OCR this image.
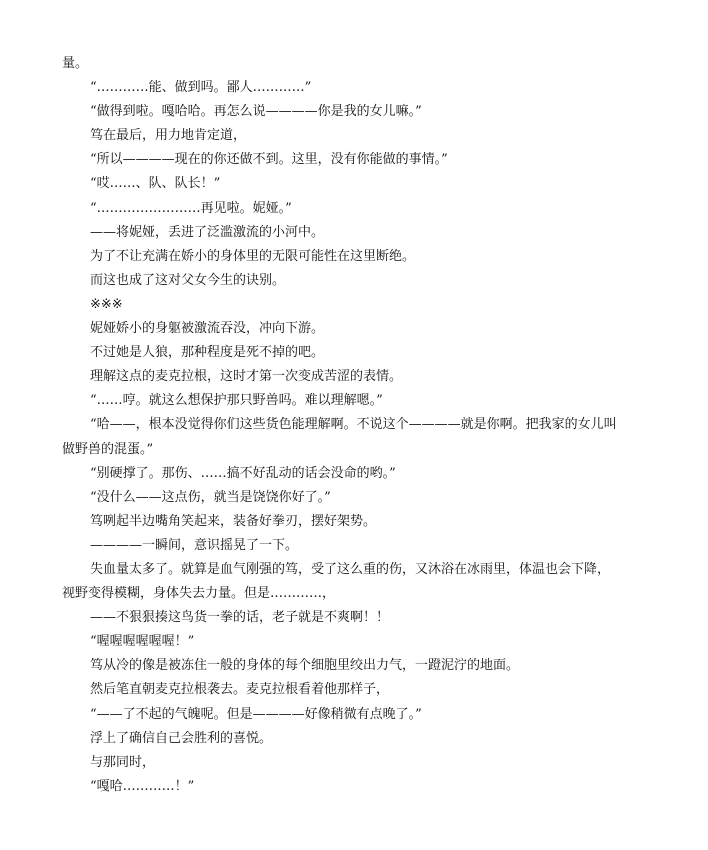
量。

“…………能、做到吗。鄙人…………”

“做得到啦。嘎哈哈。再怎么说————你是我的女儿嘛。”

笃在最后，用力地肯定道，

“所以————现在的你还做不到。这里，没有你能做的事情。”

“哎……、队、队长！”

“……………………再见啦。妮娅。”

——将妮娅，丢进了泛滥激流的小河中。

为了不让充满在娇小的身体里的无限可能性在这里断绝。

而这也成了这对父女今生的诀别。

※※※

妮娅娇小的身躯被激流吞没，冲向下游。

不过她是人狼，那种程度是死不掉的吧。

理解这点的麦克拉根，这时才第一次变成苦涩的表情。

“……哼。就这么想保护那只野兽吗。难以理解嗯。”

“哈——，根本没觉得你们这些货色能理解啊。不说这个————就是你啊。把我家的女儿叫做野兽的混蛋。”

“别硬撑了。那伤、……搞不好乱动的话会没命的哟。”

“没什么——这点伤，就当是饶饶你好了。”

笃咧起半边嘴角笑起来，装备好拳刃，摆好架势。

————一瞬间，意识摇晃了一下。

失血量太多了。就算是血气刚强的笃，受了这么重的伤，又沐浴在冰雨里，体温也会下降，视野变得模糊，身体失去力量。但是…………，

——不狠狠揍这鸟货一拳的话，老子就是不爽啊！！

“喔喔喔喔喔喔！”

笃从冷的像是被冻住一般的身体的每个细胞里绞出力气，一蹬泥泞的地面。

然后笔直朝麦克拉根袭去。麦克拉根看着他那样子，

“——了不起的气魄呢。但是————好像稍微有点晚了。”

浮上了确信自己会胜利的喜悦。

与那同时，

“嘎哈…………！”
